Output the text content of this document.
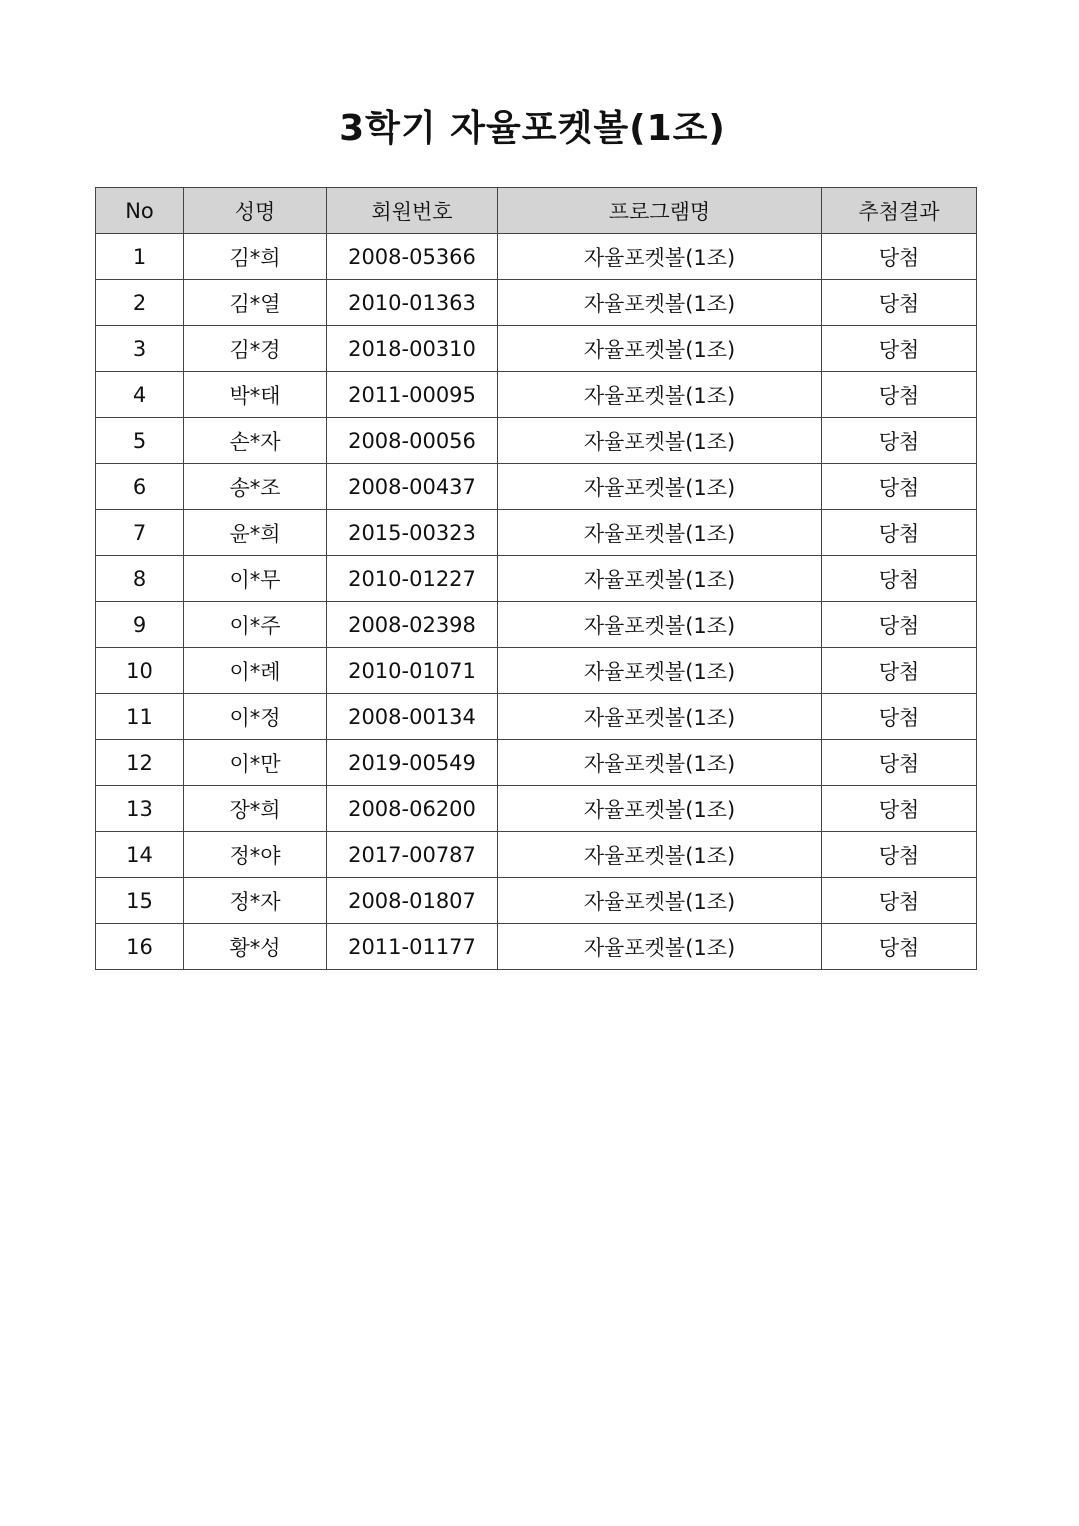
3학기 자율포켓볼(1조)
No	성명	회원번호	프로그램명	추첨결과
1	김*희	2008-05366	자율포켓볼(1조)	당첨
2	김*열	2010-01363	자율포켓볼(1조)	당첨
3	김*경	2018-00310	자율포켓볼(1조)	당첨
4	박*태	2011-00095	자율포켓볼(1조)	당첨
5	손*자	2008-00056	자율포켓볼(1조)	당첨
6	송*조	2008-00437	자율포켓볼(1조)	당첨
7	윤*희	2015-00323	자율포켓볼(1조)	당첨
8	이*무	2010-01227	자율포켓볼(1조)	당첨
9	이*주	2008-02398	자율포켓볼(1조)	당첨
10	이*례	2010-01071	자율포켓볼(1조)	당첨
11	이*정	2008-00134	자율포켓볼(1조)	당첨
12	이*만	2019-00549	자율포켓볼(1조)	당첨
13	장*희	2008-06200	자율포켓볼(1조)	당첨
14	정*야	2017-00787	자율포켓볼(1조)	당첨
15	정*자	2008-01807	자율포켓볼(1조)	당첨
16	황*성	2011-01177	자율포켓볼(1조)	당첨
